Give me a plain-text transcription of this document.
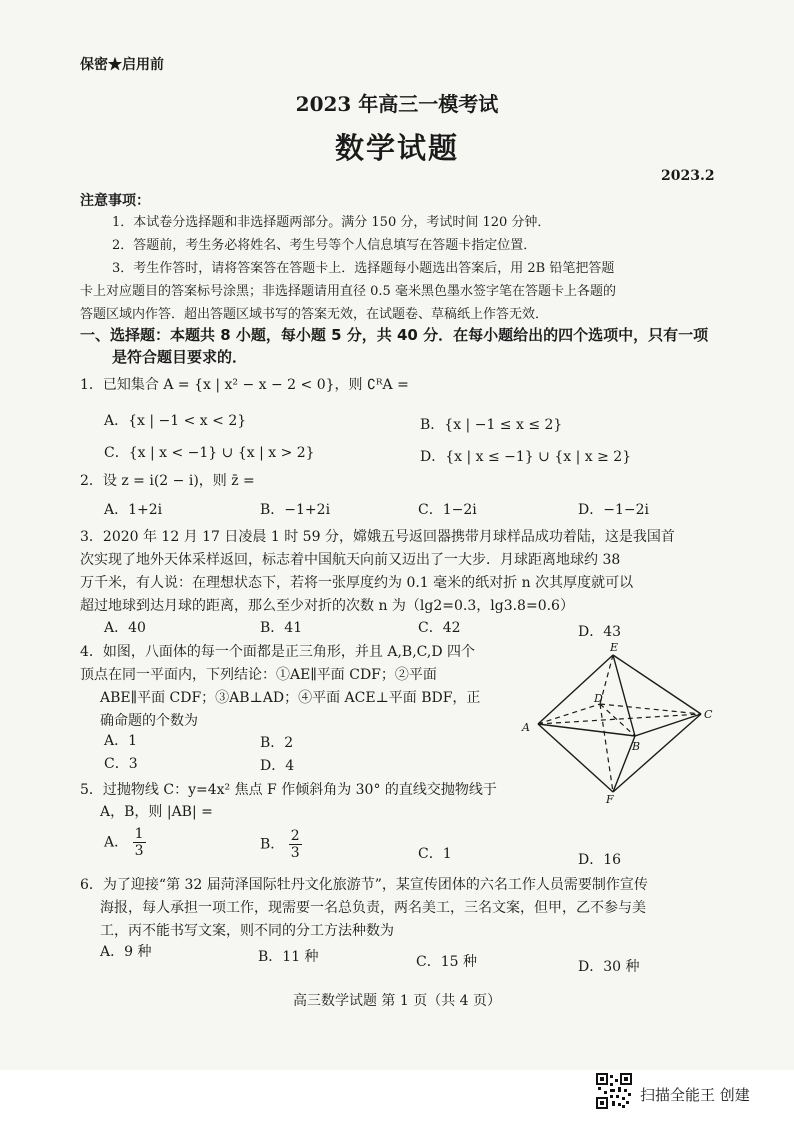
保密★启用前
2023 年高三一模考试
数学试题
2023.2
注意事项：
1．本试卷分选择题和非选择题两部分。满分 150 分，考试时间 120 分钟．
2．答题前，考生务必将姓名、考生号等个人信息填写在答题卡指定位置．
3．考生作答时，请将答案答在答题卡上．选择题每小题选出答案后，用 2B 铅笔把答题
卡上对应题目的答案标号涂黑；非选择题请用直径 0.5 毫米黑色墨水签字笔在答题卡上各题的
答题区域内作答．超出答题区域书写的答案无效，在试题卷、草稿纸上作答无效．
一、选择题：本题共 8 小题，每小题 5 分，共 40 分．在每小题给出的四个选项中，只有一项
是符合题目要求的．
1．已知集合 A = {x | x² − x − 2 < 0}，则 ∁ᴿA =
A．{x | −1 < x < 2}	B．{x | −1 ≤ x ≤ 2}
C．{x | x < −1} ∪ {x | x > 2}	D．{x | x ≤ −1} ∪ {x | x ≥ 2}
2．设 z = i(2 − i)，则 z̄ =
A．1+2i	B．−1+2i	C．1−2i	D．−1−2i
3．2020 年 12 月 17 日凌晨 1 时 59 分，嫦娥五号返回器携带月球样品成功着陆，这是我国首
次实现了地外天体采样返回，标志着中国航天向前又迈出了一大步．月球距离地球约 38
万千米，有人说：在理想状态下，若将一张厚度约为 0.1 毫米的纸对折 n 次其厚度就可以
超过地球到达月球的距离，那么至少对折的次数 n 为（lg2=0.3，lg3.8=0.6）
A．40	B．41	C．42	D．43
4．如图，八面体的每一个面都是正三角形，并且 A,B,C,D 四个
顶点在同一平面内，下列结论：①AE∥平面 CDF；②平面
ABE∥平面 CDF；③AB⊥AD；④平面 ACE⊥平面 BDF，正
确命题的个数为
A．1	B．2
C．3	D．4
E
A
B
C
D
F
5．过抛物线 C：y=4x² 焦点 F 作倾斜角为 30° 的直线交抛物线于
A，B，则 |AB| =
A． $\frac{1}{3}$	B． $\frac{2}{3}$	C．1	D．16
6．为了迎接“第 32 届菏泽国际牡丹文化旅游节”，某宣传团体的六名工作人员需要制作宣传
海报，每人承担一项工作，现需要一名总负责，两名美工，三名文案，但甲，乙不参与美
工，丙不能书写文案，则不同的分工方法种数为
A．9 种	B．11 种	C．15 种	D．30 种
高三数学试题 第 1 页（共 4 页）
扫描全能王 创建
